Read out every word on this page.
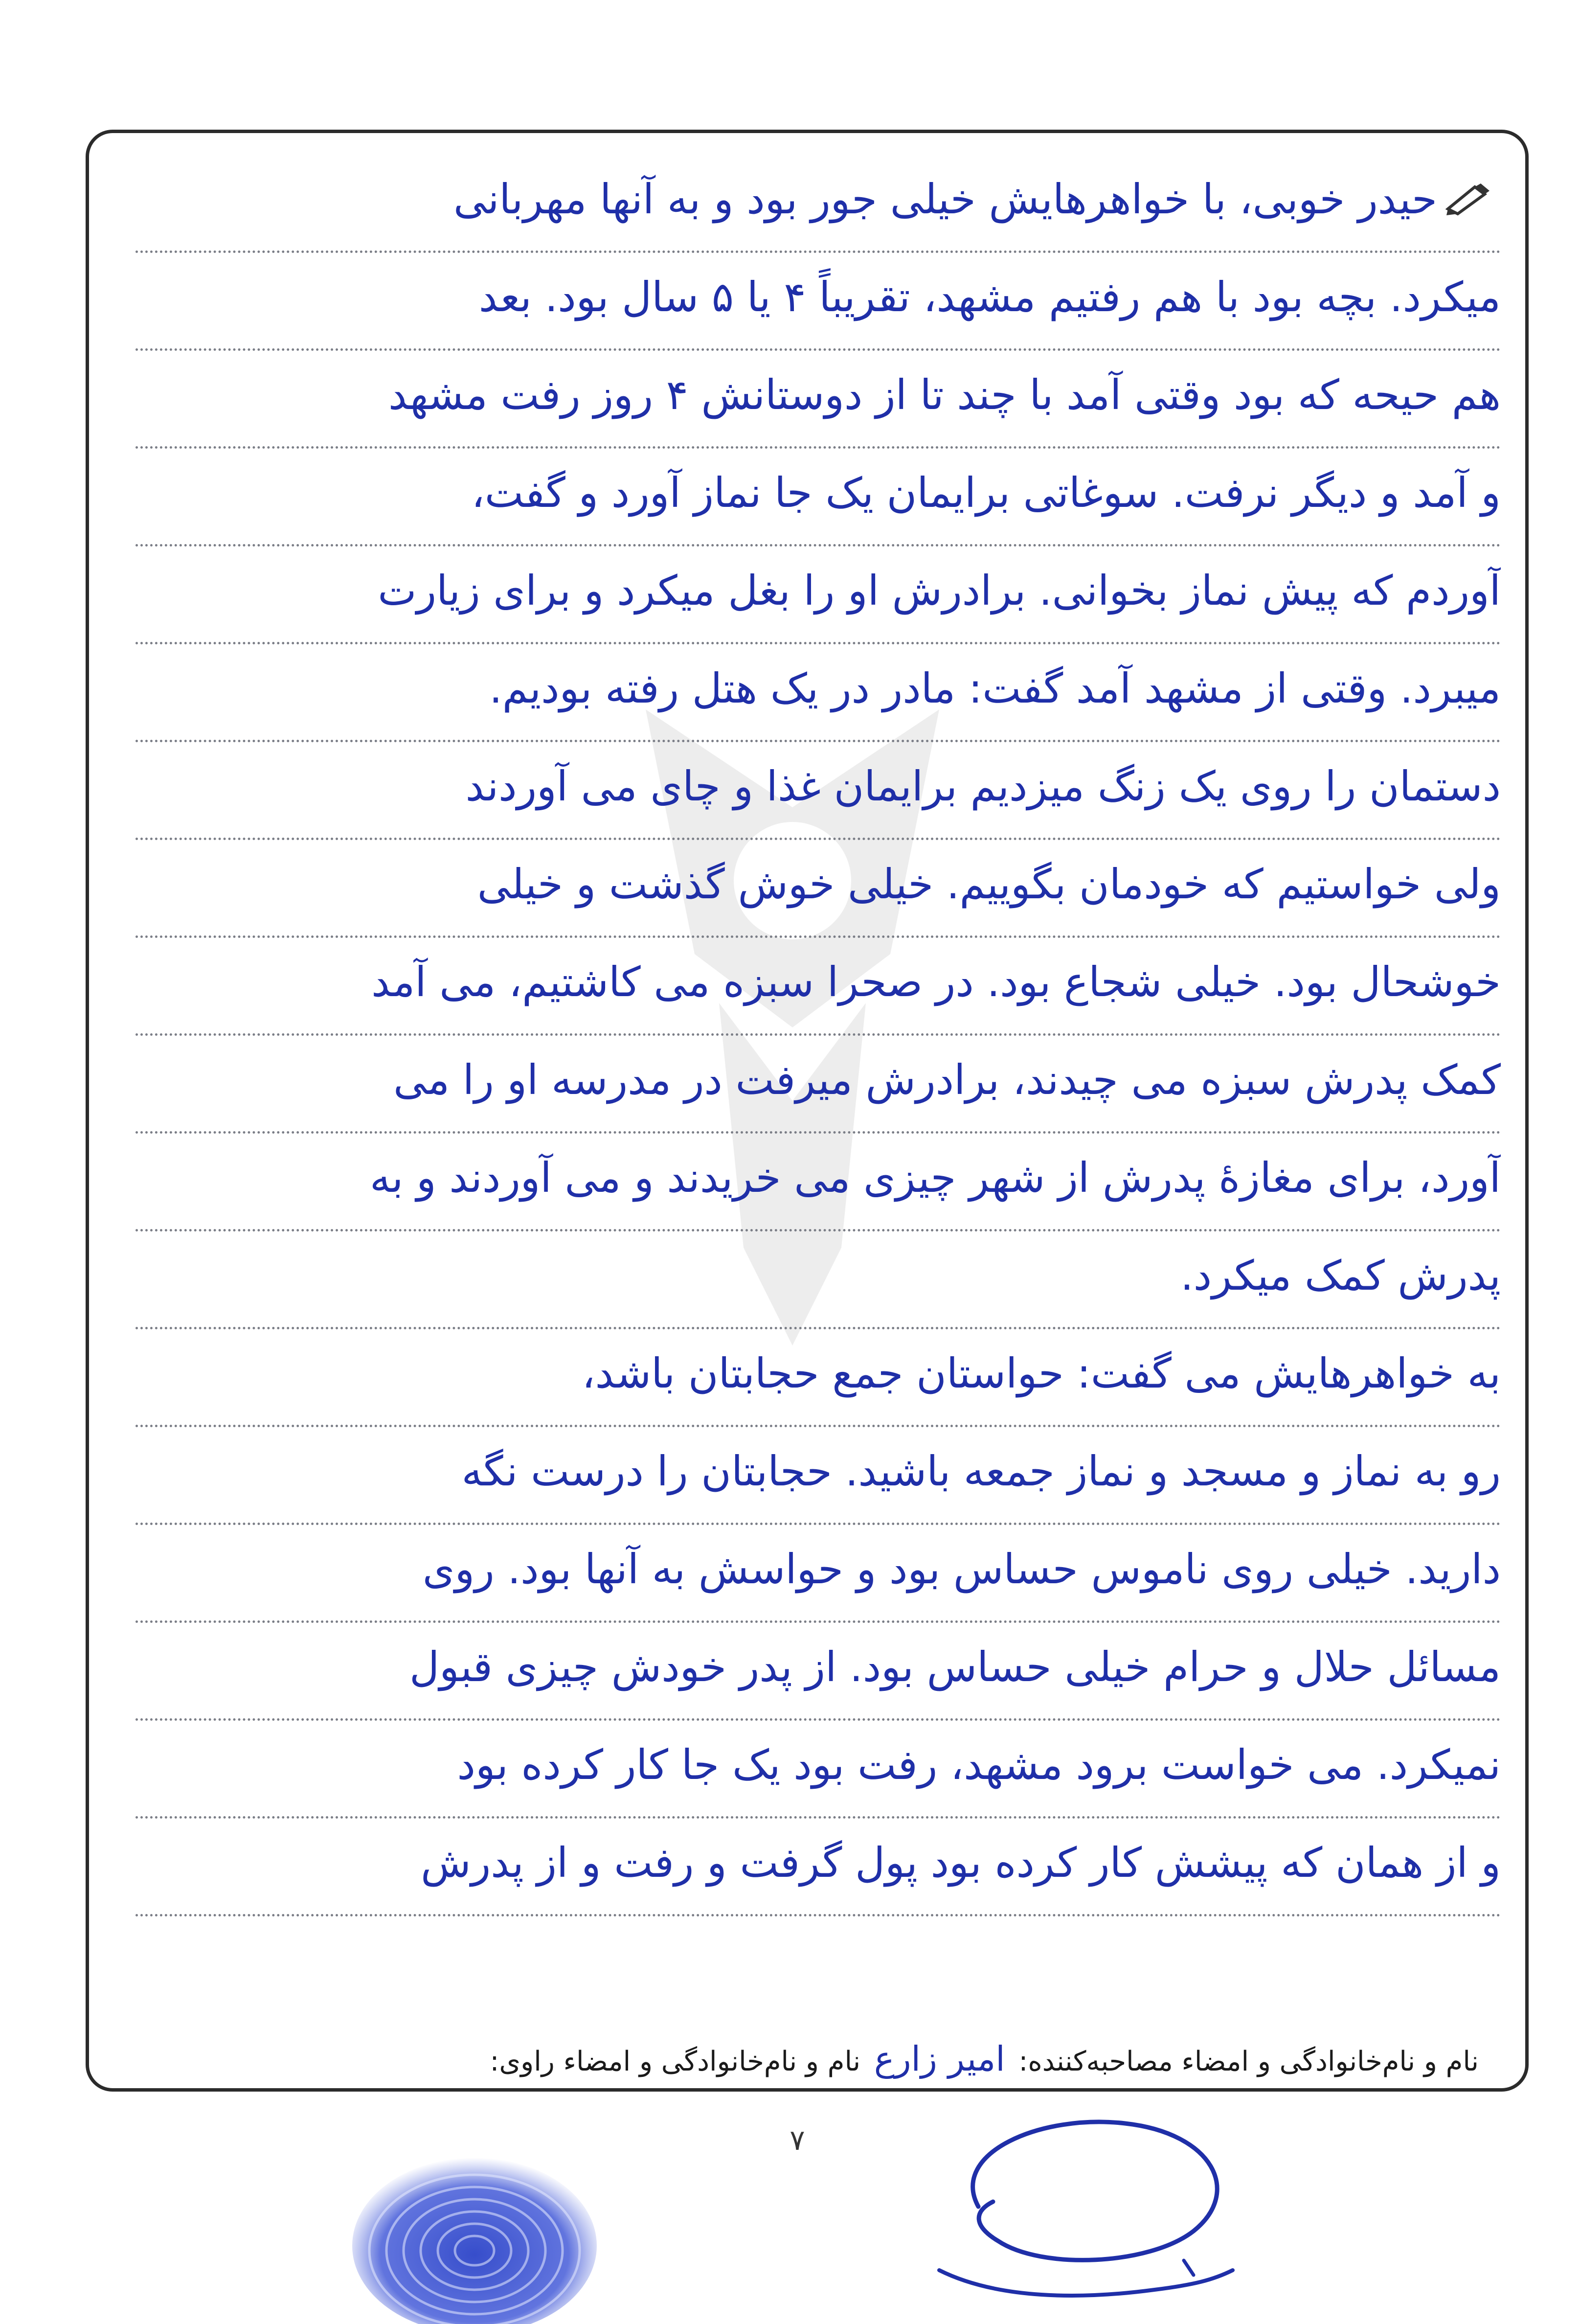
حیدر خوبی، با خواهرهایش خیلی جور بود و به آنها مهربانی
میکرد. بچه بود با هم رفتیم مشهد، تقریباً ۴ یا ۵ سال بود. بعد
هم حیحه که بود وقتی آمد با چند تا از دوستانش ۴ روز رفت مشهد
و آمد و دیگر نرفت. سوغاتی برایمان یک جا نماز آورد و گفت،
آوردم که پیش نماز بخوانی. برادرش او را بغل میکرد و برای زیارت
میبرد. وقتی از مشهد آمد گفت: مادر در یک هتل رفته بودیم.
دستمان را روی یک زنگ میزدیم برایمان غذا و چای می آوردند
ولی خواستیم که خودمان بگوییم. خیلی خوش گذشت و خیلی
خوشحال بود. خیلی شجاع بود. در صحرا سبزه می کاشتیم، می آمد
کمک پدرش سبزه می چیدند، برادرش میرفت در مدرسه او را می
آورد، برای مغازهٔ پدرش از شهر چیزی می خریدند و می آوردند و به
پدرش کمک میکرد.
به خواهرهایش می گفت: حواستان جمع حجابتان باشد،
رو به نماز و مسجد و نماز جمعه باشید. حجابتان را درست نگه
دارید. خیلی روی ناموس حساس بود و حواسش به آنها بود. روی
مسائل حلال و حرام خیلی حساس بود. از پدر خودش چیزی قبول
نمیکرد. می خواست برود مشهد، رفت بود یک جا کار کرده بود
و از همان که پیشش کار کرده بود پول گرفت و رفت و از پدرش
نام و نام‌خانوادگی و امضاء مصاحبه‌کننده: امیر زارع نام و نام‌خانوادگی و امضاء راوی:
۷
